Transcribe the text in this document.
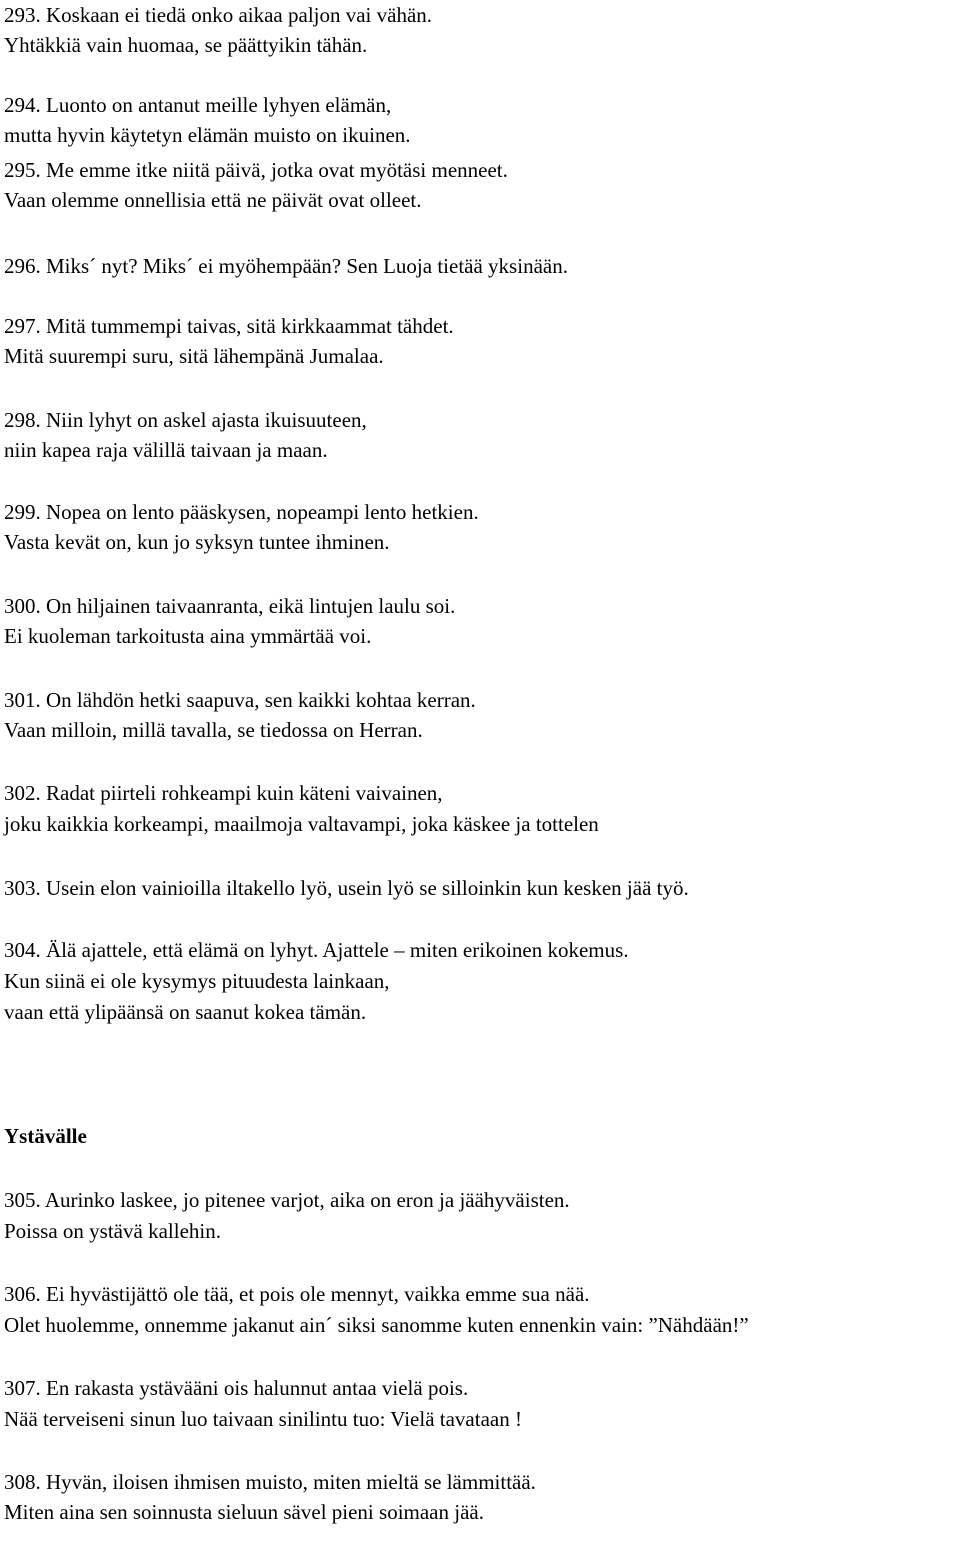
293. Koskaan ei tiedä onko aikaa paljon vai vähän.

Yhtäkkiä vain huomaa, se päättyikin tähän.

294. Luonto on antanut meille lyhyen elämän,

mutta hyvin käytetyn elämän muisto on ikuinen.

295. Me emme itke niitä päivä, jotka ovat myötäsi menneet.

Vaan olemme onnellisia että ne päivät ovat olleet.

296. Miks´ nyt? Miks´ ei myöhempään? Sen Luoja tietää yksinään.

297. Mitä tummempi taivas, sitä kirkkaammat tähdet.

Mitä suurempi suru, sitä lähempänä Jumalaa.

298. Niin lyhyt on askel ajasta ikuisuuteen,

niin kapea raja välillä taivaan ja maan.

299. Nopea on lento pääskysen, nopeampi lento hetkien.

Vasta kevät on, kun jo syksyn tuntee ihminen.

300. On hiljainen taivaanranta, eikä lintujen laulu soi.

Ei kuoleman tarkoitusta aina ymmärtää voi.

301. On lähdön hetki saapuva, sen kaikki kohtaa kerran.

Vaan milloin, millä tavalla, se tiedossa on Herran.

302. Radat piirteli rohkeampi kuin käteni vaivainen,

joku kaikkia korkeampi, maailmoja valtavampi, joka käskee ja tottelen

303. Usein elon vainioilla iltakello lyö, usein lyö se silloinkin kun kesken jää työ.

304. Älä ajattele, että elämä on lyhyt. Ajattele – miten erikoinen kokemus.

Kun siinä ei ole kysymys pituudesta lainkaan,

vaan että ylipäänsä on saanut kokea tämän.

Ystävälle

305. Aurinko laskee, jo pitenee varjot, aika on eron ja jäähyväisten.

Poissa on ystävä kallehin.

306. Ei hyvästijättö ole tää, et pois ole mennyt, vaikka emme sua nää.

Olet huolemme, onnemme jakanut ain´ siksi sanomme kuten ennenkin vain: ”Nähdään!”

307. En rakasta ystävääni ois halunnut antaa vielä pois.

Nää terveiseni sinun luo taivaan sinilintu tuo: Vielä tavataan !

308. Hyvän, iloisen ihmisen muisto, miten mieltä se lämmittää.

Miten aina sen soinnusta sieluun sävel pieni soimaan jää.
